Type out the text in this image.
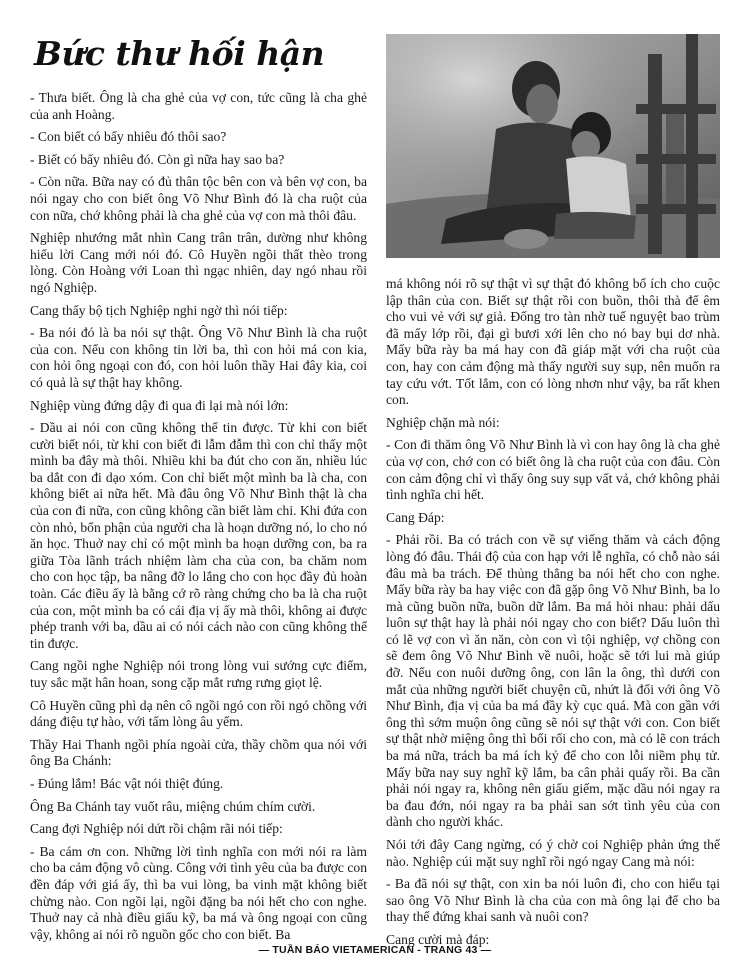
Bức thư hối hận

- Thưa biết. Ông là cha ghẻ của vợ con, tức cũng là cha ghẻ của anh Hoàng.

- Con biết có bấy nhiêu đó thôi sao?

- Biết có bấy nhiêu đó. Còn gì nữa hay sao ba?

- Còn nữa. Bữa nay có đủ thân tộc bên con và bên vợ con, ba nói ngay cho con biết ông Võ Như Bình đó là cha ruột của con nữa, chớ không phải là cha ghẻ của vợ con mà thôi đâu.

Nghiệp nhướng mắt nhìn Cang trân trân, dường như không hiểu lời Cang mới nói đó. Cô Huyền ngồi thất thèo trong lòng. Còn Hoàng với Loan thì ngạc nhiên, day ngó nhau rồi ngó Nghiệp.

Cang thấy bộ tịch Nghiệp nghi ngờ thì nói tiếp:

- Ba nói đó là ba nói sự thật. Ông Võ Như Bình là cha ruột của con. Nếu con không tin lời ba, thì con hỏi má con kia, con hỏi ông ngoại con đó, con hỏi luôn thầy Hai đây kia, coi có quả là sự thật hay không.

Nghiệp vùng đứng dậy đi qua đi lại mà nói lớn:

- Dầu ai nói con cũng không thể tin được. Từ khi con biết cười biết nói, từ khi con biết đi lẫm đẫm thì con chỉ thấy một mình ba đây mà thôi. Nhiều khi ba đút cho con ăn, nhiều lúc ba dắt con đi dạo xóm. Con chỉ biết một mình ba là cha, con không biết ai nữa hết. Mà đâu ông Võ Như Bình thật là cha của con đi nữa, con cũng không cần biết làm chi. Khi đứa con còn nhỏ, bổn phận của người cha là hoạn dưỡng nó, lo cho nó ăn học. Thuở nay chỉ có một mình ba hoạn dưỡng con, ba ra giữa Tòa lãnh trách nhiệm làm cha của con, ba chăm nom cho con học tập, ba nâng đỡ lo lắng cho con học đầy đủ hoàn toàn. Các điều ấy là bằng cớ rõ ràng chứng cho ba là cha ruột của con, một mình ba có cái địa vị ấy mà thôi, không ai được phép tranh với ba, dầu ai có nói cách nào con cũng không thể tin được.

Cang ngồi nghe Nghiệp nói trong lòng vui sướng cực điểm, tuy sắc mặt hân hoan, song cặp mắt rưng rưng giọt lệ.

Cô Huyền cũng phì dạ nên cô ngồi ngó con rồi ngó chồng với dáng điệu tự hào, với tấm lòng âu yếm.

Thầy Hai Thanh ngồi phía ngoài cửa, thầy chồm qua nói với ông Ba Chánh:

- Đúng lắm! Bác vật nói thiệt đúng.

Ông Ba Chánh tay vuốt râu, miệng chúm chím cười.

Cang đợi Nghiệp nói dứt rồi chậm rãi nói tiếp:

- Ba cám ơn con. Những lời tình nghĩa con mới nói ra làm cho ba cảm động vô cùng. Công với tình yêu của ba được con đền đáp với giá ấy, thì ba vui lòng, ba vinh mặt không biết chừng nào. Con ngồi lại, ngồi đặng ba nói hết cho con nghe. Thuở nay cả nhà điều giấu kỹ, ba má và ông ngoại con cũng vậy, không ai nói rõ nguồn gốc cho con biết. Ba

má không nói rõ sự thật vì sự thật đó không bổ ích cho cuộc lập thân của con. Biết sự thật rồi con buồn, thôi thà để êm cho vui vẻ với sự giả. Đống tro tàn nhờ tuế nguyệt bao trùm đã mấy lớp rồi, đại gì bươi xới lên cho nó bay bụi dơ nhà. Mấy bữa rày ba má hay con đã giáp mặt với cha ruột của con, hay con cảm động mà thấy người suy sụp, nên muốn ra tay cứu vớt. Tốt lắm, con có lòng nhơn như vậy, ba rất khen con.

Nghiệp chặn mà nói:

- Con đi thăm ông Võ Như Bình là vì con hay ông là cha ghẻ của vợ con, chớ con có biết ông là cha ruột của con đâu. Còn con cảm động chỉ vì thấy ông suy sụp vất vả, chớ không phải tình nghĩa chi hết.

Cang Đáp:

- Phải rồi. Ba có trách con về sự viếng thăm và cách động lòng đó đâu. Thái độ của con hạp với lễ nghĩa, có chỗ nào sái đâu mà ba trách. Để thủng thẳng ba nói hết cho con nghe. Mấy bữa rày ba hay việc con đã gặp ông Võ Như Bình, ba lo mà cũng buồn nữa, buồn dữ lắm. Ba má hỏi nhau: phải dấu luôn sự thật hay là phải nói ngay cho con biết? Dấu luôn thì có lẽ vợ con vì ăn năn, còn con vì tội nghiệp, vợ chồng con sẽ đem ông Võ Như Bình về nuôi, hoặc sẽ tới lui mà giúp đỡ. Nếu con nuôi dưỡng ông, con lân la ông, thì dưới con mắt của những người biết chuyện cũ, nhứt là đối với ông Võ Như Bình, địa vị của ba má đầy kỳ cục quá. Mà con gần với ông thì sớm muộn ông cũng sẽ nói sự thật với con. Con biết sự thật nhờ miệng ông thì bối rối cho con, mà có lẽ con trách ba má nữa, trách ba má ích kỷ để cho con lỗi niềm phụ tử. Mấy bữa nay suy nghĩ kỹ lắm, ba cân phải quấy rồi. Ba cần phải nói ngay ra, không nên giấu giếm, mặc dầu nói ngay ra ba đau đớn, nói ngay ra ba phải san sớt tình yêu của con dành cho người khác.

Nói tới đây Cang ngừng, có ý chờ coi Nghiệp phản ứng thế nào. Nghiệp cúi mặt suy nghĩ rồi ngó ngay Cang mà nói:

- Ba đã nói sự thật, con xin ba nói luôn đi, cho con hiểu tại sao ông Võ Như Bình là cha của con mà ông lại để cho ba thay thế đứng khai sanh và nuôi con?

Cang cười mà đáp:

— TUẦN BÁO VIETAMERICAN - TRANG 43 —
